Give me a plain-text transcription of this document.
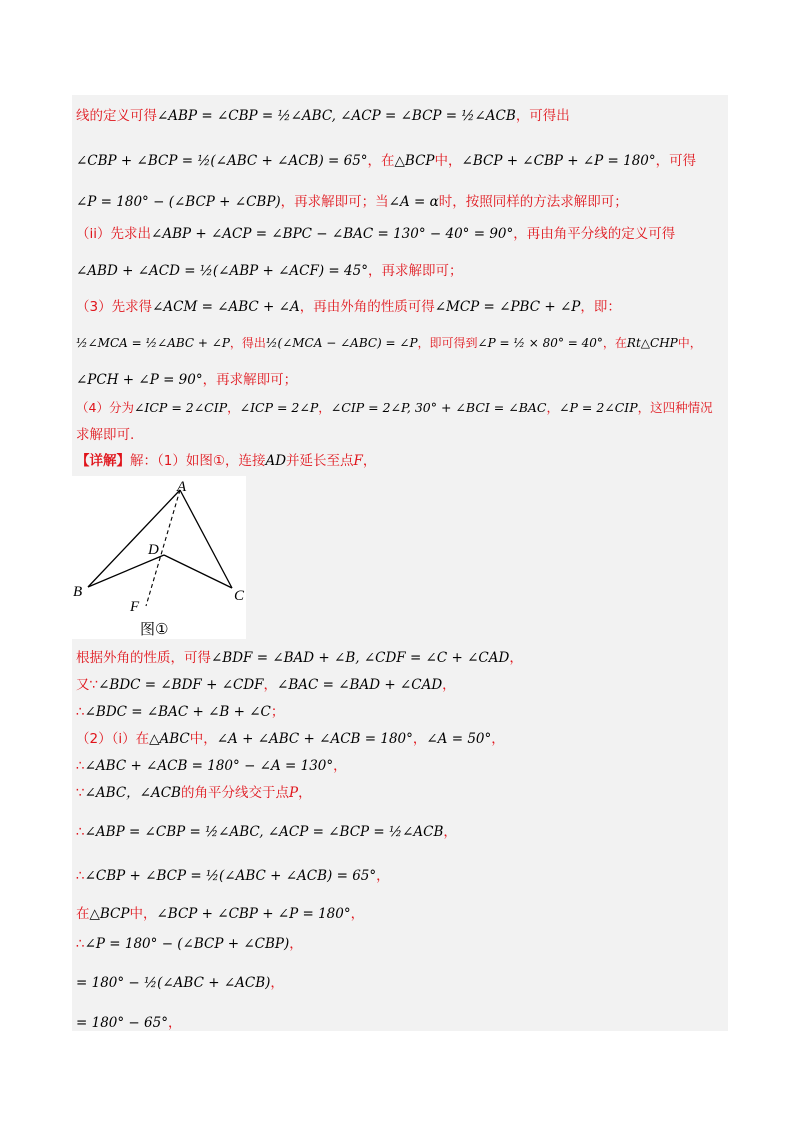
线的定义可得∠ABP = ∠CBP = ½∠ABC, ∠ACP = ∠BCP = ½∠ACB，可得出
∠CBP + ∠BCP = ½(∠ABC + ∠ACB) = 65°，在△BCP中，∠BCP + ∠CBP + ∠P = 180°，可得
∠P = 180° − (∠BCP + ∠CBP)，再求解即可；当∠A = α时，按照同样的方法求解即可；
（ii）先求出∠ABP + ∠ACP = ∠BPC − ∠BAC = 130° − 40° = 90°，再由角平分线的定义可得
∠ABD + ∠ACD = ½(∠ABP + ∠ACF) = 45°，再求解即可；
（3）先求得∠ACM = ∠ABC + ∠A，再由外角的性质可得∠MCP = ∠PBC + ∠P，即：
½∠MCA = ½∠ABC + ∠P，得出½(∠MCA − ∠ABC) = ∠P，即可得到∠P = ½ × 80° = 40°，在Rt△CHP中，
∠PCH + ∠P = 90°，再求解即可；
（4）分为∠ICP = 2∠CIP，∠ICP = 2∠P，∠CIP = 2∠P, 30° + ∠BCI = ∠BAC，∠P = 2∠CIP，这四种情况
求解即可.
【详解】解：（1）如图①，连接AD并延长至点F，
根据外角的性质，可得∠BDF = ∠BAD + ∠B, ∠CDF = ∠C + ∠CAD，
又∵∠BDC = ∠BDF + ∠CDF，∠BAC = ∠BAD + ∠CAD，
∴∠BDC = ∠BAC + ∠B + ∠C；
（2）（i）在△ABC中，∠A + ∠ABC + ∠ACB = 180°，∠A = 50°，
∴∠ABC + ∠ACB = 180° − ∠A = 130°，
∵∠ABC，∠ACB的角平分线交于点P，
∴∠ABP = ∠CBP = ½∠ABC, ∠ACP = ∠BCP = ½∠ACB，
∴∠CBP + ∠BCP = ½(∠ABC + ∠ACB) = 65°，
在△BCP中，∠BCP + ∠CBP + ∠P = 180°，
∴∠P = 180° − (∠BCP + ∠CBP)，
= 180° − ½(∠ABC + ∠ACB)，
= 180° − 65°，
A
B	C
D
F
图①
